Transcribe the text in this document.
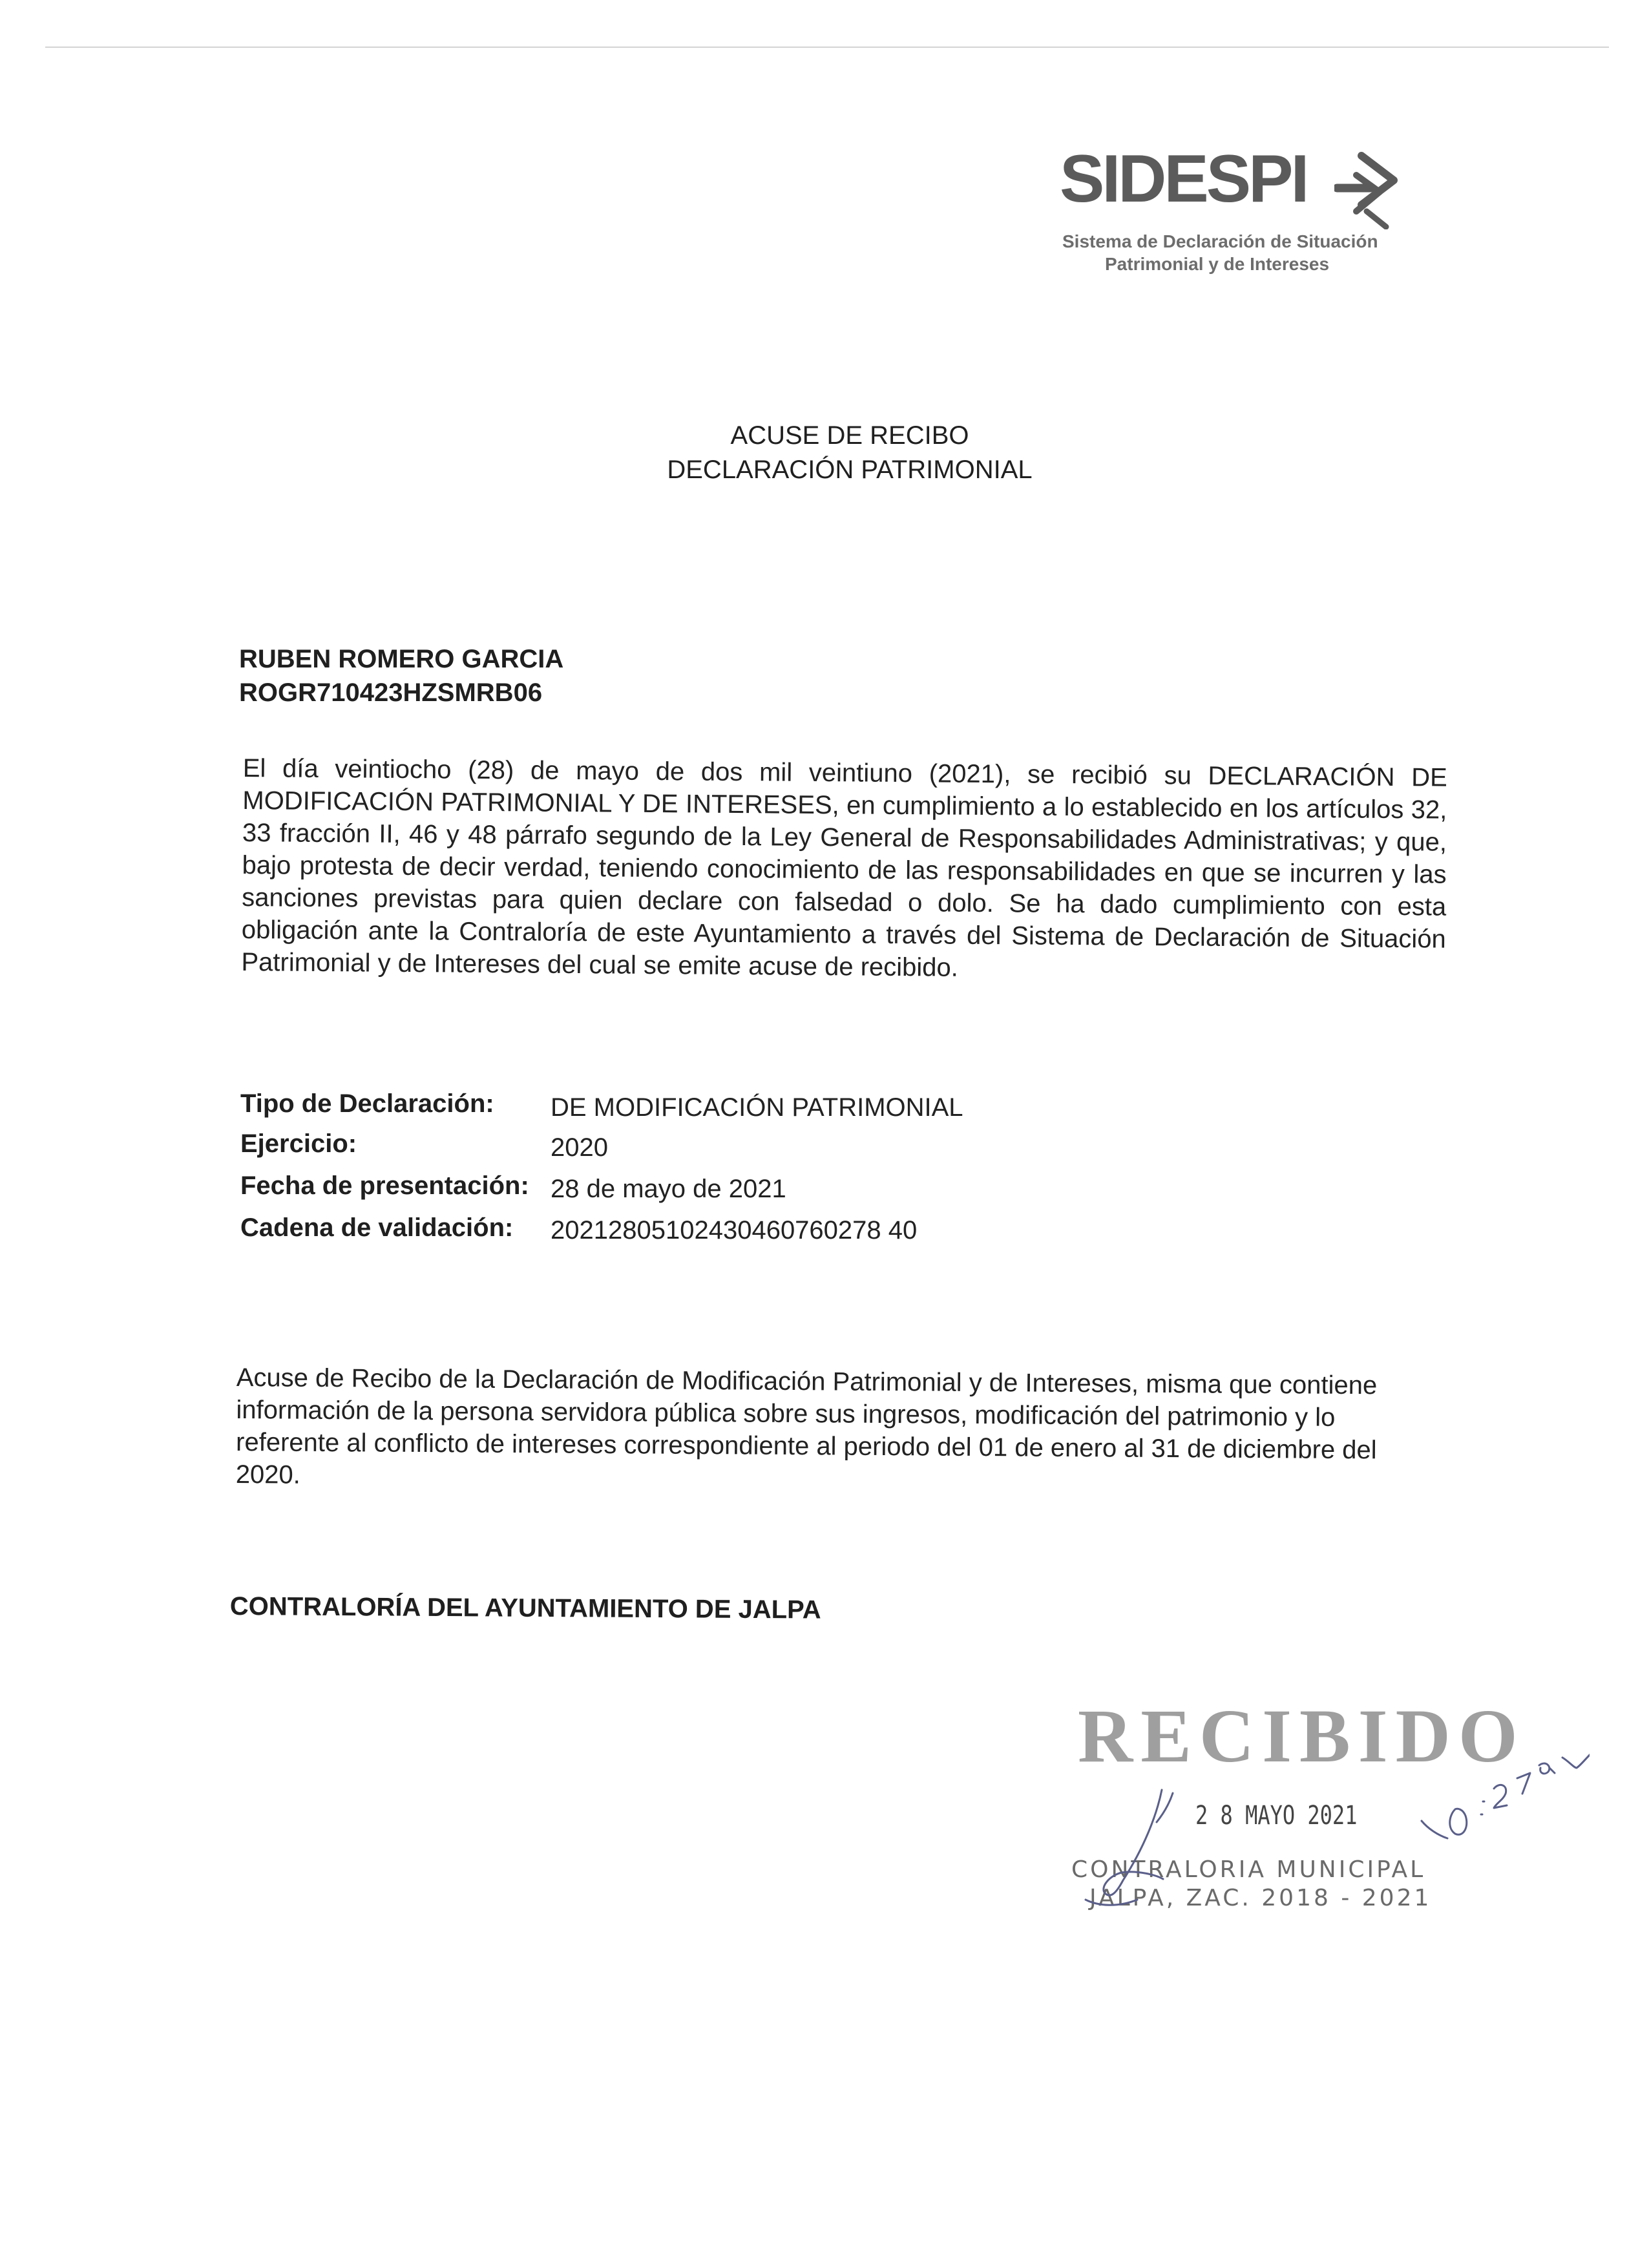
SIDESPI
Sistema de Declaración de Situación
Patrimonial y de Intereses
ACUSE DE RECIBO
DECLARACIÓN PATRIMONIAL
RUBEN ROMERO GARCIA
ROGR710423HZSMRB06
El día veintiocho (28) de mayo de dos mil veintiuno (2021), se recibió su DECLARACIÓN DE MODIFICACIÓN PATRIMONIAL Y DE INTERESES, en cumplimiento a lo establecido en los artículos 32, 33 fracción II, 46 y 48 párrafo segundo de la Ley General de Responsabilidades Administrativas; y que, bajo protesta de decir verdad, teniendo conocimiento de las responsabilidades en que se incurren y las sanciones previstas para quien declare con falsedad o dolo. Se ha dado cumplimiento con esta obligación ante la Contraloría de este Ayuntamiento a través del Sistema de Declaración de Situación Patrimonial y de Intereses del cual se emite acuse de recibido.
Tipo de Declaración: DE MODIFICACIÓN PATRIMONIAL
Ejercicio:	2020
Fecha de presentación: 28 de mayo de 2021
Cadena de validación: 20212805102430460760278 40
Acuse de Recibo de la Declaración de Modificación Patrimonial y de Intereses, misma que contiene información de la persona servidora pública sobre sus ingresos, modificación del patrimonio y lo referente al conflicto de intereses correspondiente al periodo del 01 de enero al 31 de diciembre del 2020.
CONTRALORÍA DEL AYUNTAMIENTO DE JALPA
RECIBIDO
2 8 MAYO 2021
CONTRALORIA MUNICIPAL
JALPA, ZAC. 2018 - 2021
